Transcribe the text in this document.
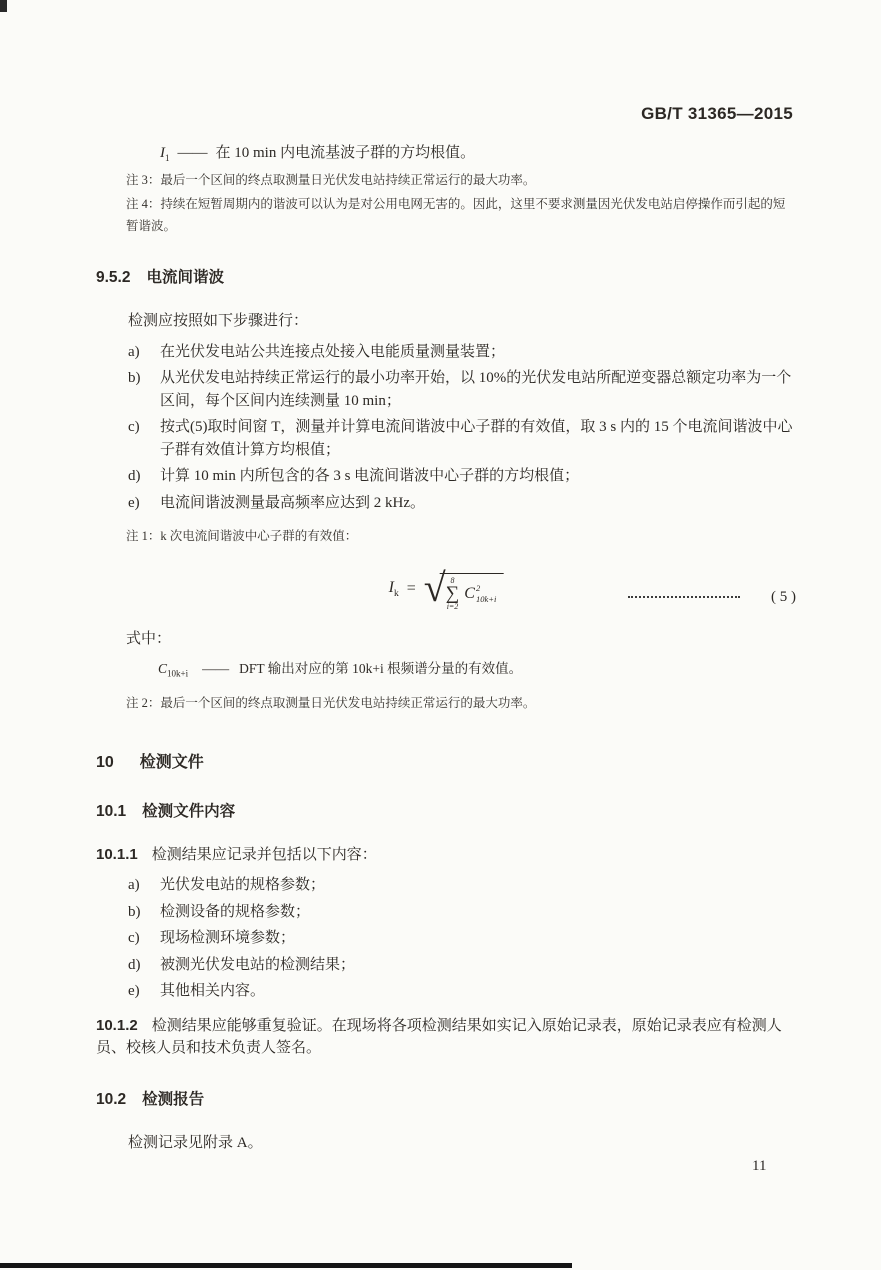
GB/T 31365—2015

$I_1$ —— 在 10 min 内电流基波子群的方均根值。

注 3：最后一个区间的终点取测量日光伏发电站持续正常运行的最大功率。

注 4：持续在短暂周期内的谐波可以认为是对公用电网无害的。因此，这里不要求测量因光伏发电站启停操作而引起的短暂谐波。

9.5.2 电流间谐波

检测应按照如下步骤进行：

a)	在光伏发电站公共连接点处接入电能质量测量装置；
b)	从光伏发电站持续正常运行的最小功率开始，以 10%的光伏发电站所配逆变器总额定功率为一个区间，每个区间内连续测量 10 min；
c)	按式(5)取时间窗 T，测量并计算电流间谐波中心子群的有效值，取 3 s 内的 15 个电流间谐波中心子群有效值计算方均根值；
d)	计算 10 min 内所包含的各 3 s 电流间谐波中心子群的方均根值；
e)	电流间谐波测量最高频率应达到 2 kHz。

注 1：k 次电流间谐波中心子群的有效值：

$I_k$ = √ 8
∑
i=2
C 2
10k+i	( 5 )

式中：

$C_{10k+i}$ —— DFT 输出对应的第 10k+i 根频谱分量的有效值。

注 2：最后一个区间的终点取测量日光伏发电站持续正常运行的最大功率。

10 检测文件
10.1 检测文件内容

10.1.1 检测结果应记录并包括以下内容：

a)	光伏发电站的规格参数；
b)	检测设备的规格参数；
c)	现场检测环境参数；
d)	被测光伏发电站的检测结果；
e)	其他相关内容。

10.1.2 检测结果应能够重复验证。在现场将各项检测结果如实记入原始记录表，原始记录表应有检测人员、校核人员和技术负责人签名。

10.2 检测报告

检测记录见附录 A。

11
